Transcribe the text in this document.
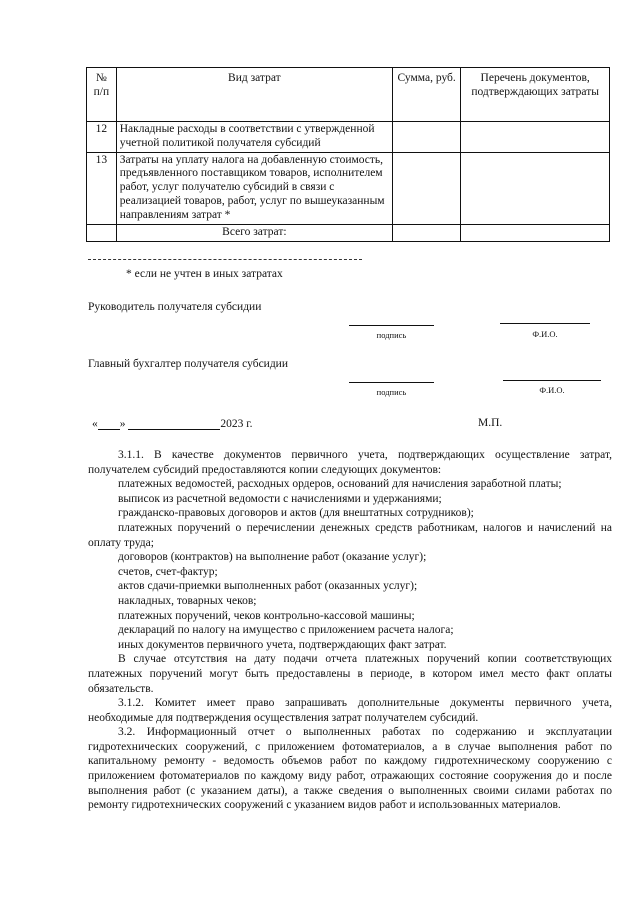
№ п/п	Вид затрат	Сумма, руб.	Перечень документов, подтверждающих затраты
12	Накладные расходы в соответствии с утвержденной учетной политикой получателя субсидий		
13	Затраты на уплату налога на добавленную стоимость, предъявленного поставщиком товаров, исполнителем работ, услуг получателю субсидий в связи с реализацией товаров, работ, услуг по вышеуказанным направлениям затрат *		
	Всего затрат:		
* если не учтен в иных затратах
Руководитель получателя субсидии
подпись	Ф.И.О.
Главный бухгалтер получателя субсидии
подпись	Ф.И.О.
« »	2023 г.	М.П.

3.1.1. В качестве документов первичного учета, подтверждающих осуществление затрат, получателем субсидий предоставляются копии следующих документов:

платежных ведомостей, расходных ордеров, оснований для начисления заработной платы;

выписок из расчетной ведомости с начислениями и удержаниями;

гражданско-правовых договоров и актов (для внештатных сотрудников);

платежных поручений о перечислении денежных средств работникам, налогов и начислений на оплату труда;

договоров (контрактов) на выполнение работ (оказание услуг);

счетов, счет-фактур;

актов сдачи-приемки выполненных работ (оказанных услуг);

накладных, товарных чеков;

платежных поручений, чеков контрольно-кассовой машины;

деклараций по налогу на имущество с приложением расчета налога;

иных документов первичного учета, подтверждающих факт затрат.

В случае отсутствия на дату подачи отчета платежных поручений копии соответствующих платежных поручений могут быть предоставлены в периоде, в котором имел место факт оплаты обязательств.

3.1.2. Комитет имеет право запрашивать дополнительные документы первичного учета, необходимые для подтверждения осуществления затрат получателем субсидий.

3.2. Информационный отчет о выполненных работах по содержанию и эксплуатации гидротехнических сооружений, с приложением фотоматериалов, а в случае выполнения работ по капитальному ремонту - ведомость объемов работ по каждому гидротехническому сооружению с приложением фотоматериалов по каждому виду работ, отражающих состояние сооружения до и после выполнения работ (с указанием даты), а также сведения о выполненных своими силами работах по ремонту гидротехнических сооружений с указанием видов работ и использованных материалов.
